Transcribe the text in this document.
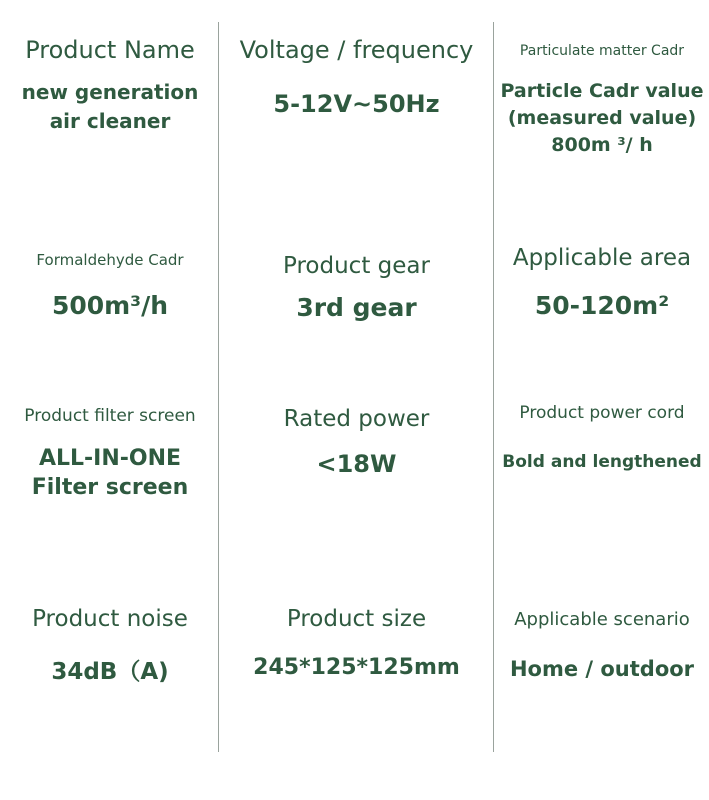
Product Name
new generation
air cleaner
Voltage / frequency
5-12V~50Hz
Particulate matter Cadr
Particle Cadr value
(measured value)
800m ³/ h
Formaldehyde Cadr
500m³/h
Product gear
3rd gear
Applicable area
50-120m²
Product filter screen
ALL-IN-ONE
Filter screen
Rated power
<18W
Product power cord
Bold and lengthened
Product noise
34dB（A)
Product size
245*125*125mm
Applicable scenario
Home / outdoor
